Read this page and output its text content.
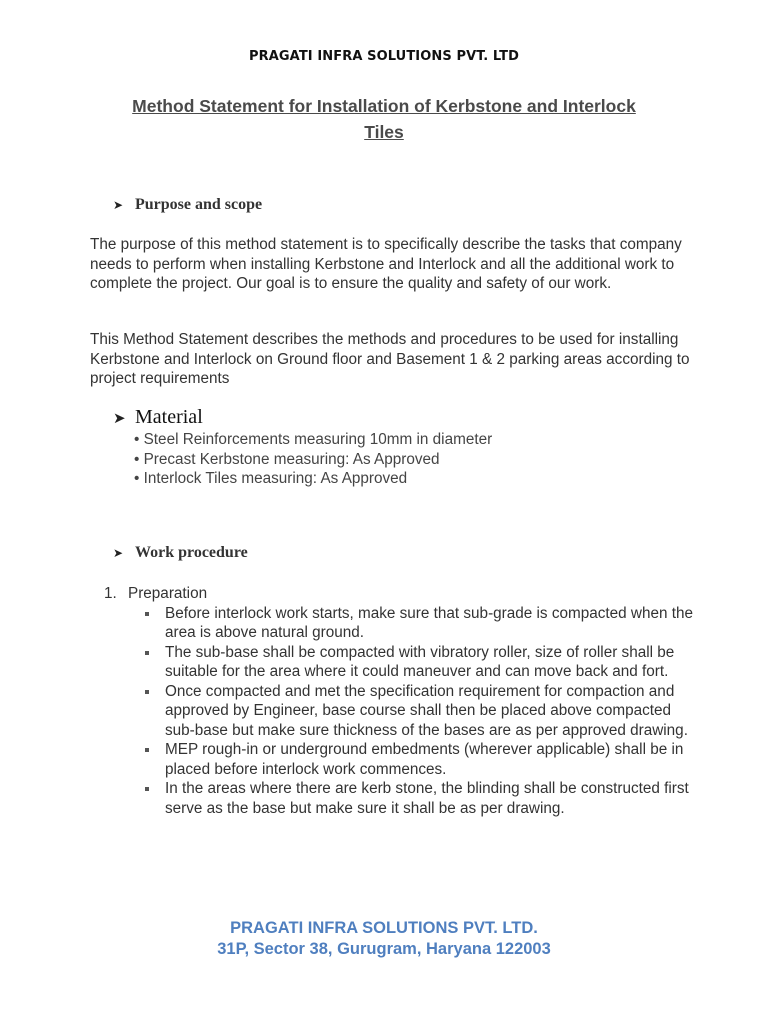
PRAGATI INFRA SOLUTIONS PVT. LTD
Method Statement for Installation of Kerbstone and Interlock
Tiles
➤ Purpose and scope

The purpose of this method statement is to specifically describe the tasks that company needs to perform when installing Kerbstone and Interlock and all the additional work to complete the project. Our goal is to ensure the quality and safety of our work.

This Method Statement describes the methods and procedures to be used for installing Kerbstone and Interlock on Ground floor and Basement 1 & 2 parking areas according to project requirements

➤ Material
• Steel Reinforcements measuring 10mm in diameter
• Precast Kerbstone measuring: As Approved
• Interlock Tiles measuring: As Approved
➤ Work procedure
1. Preparation
Before interlock work starts, make sure that sub-grade is compacted when the area is above natural ground.
The sub-base shall be compacted with vibratory roller, size of roller shall be suitable for the area where it could maneuver and can move back and fort.
Once compacted and met the specification requirement for compaction and approved by Engineer, base course shall then be placed above compacted sub-base but make sure thickness of the bases are as per approved drawing.
MEP rough-in or underground embedments (wherever applicable) shall be in placed before interlock work commences.
In the areas where there are kerb stone, the blinding shall be constructed first serve as the base but make sure it shall be as per drawing.
PRAGATI INFRA SOLUTIONS PVT. LTD.
31P, Sector 38, Gurugram, Haryana 122003
